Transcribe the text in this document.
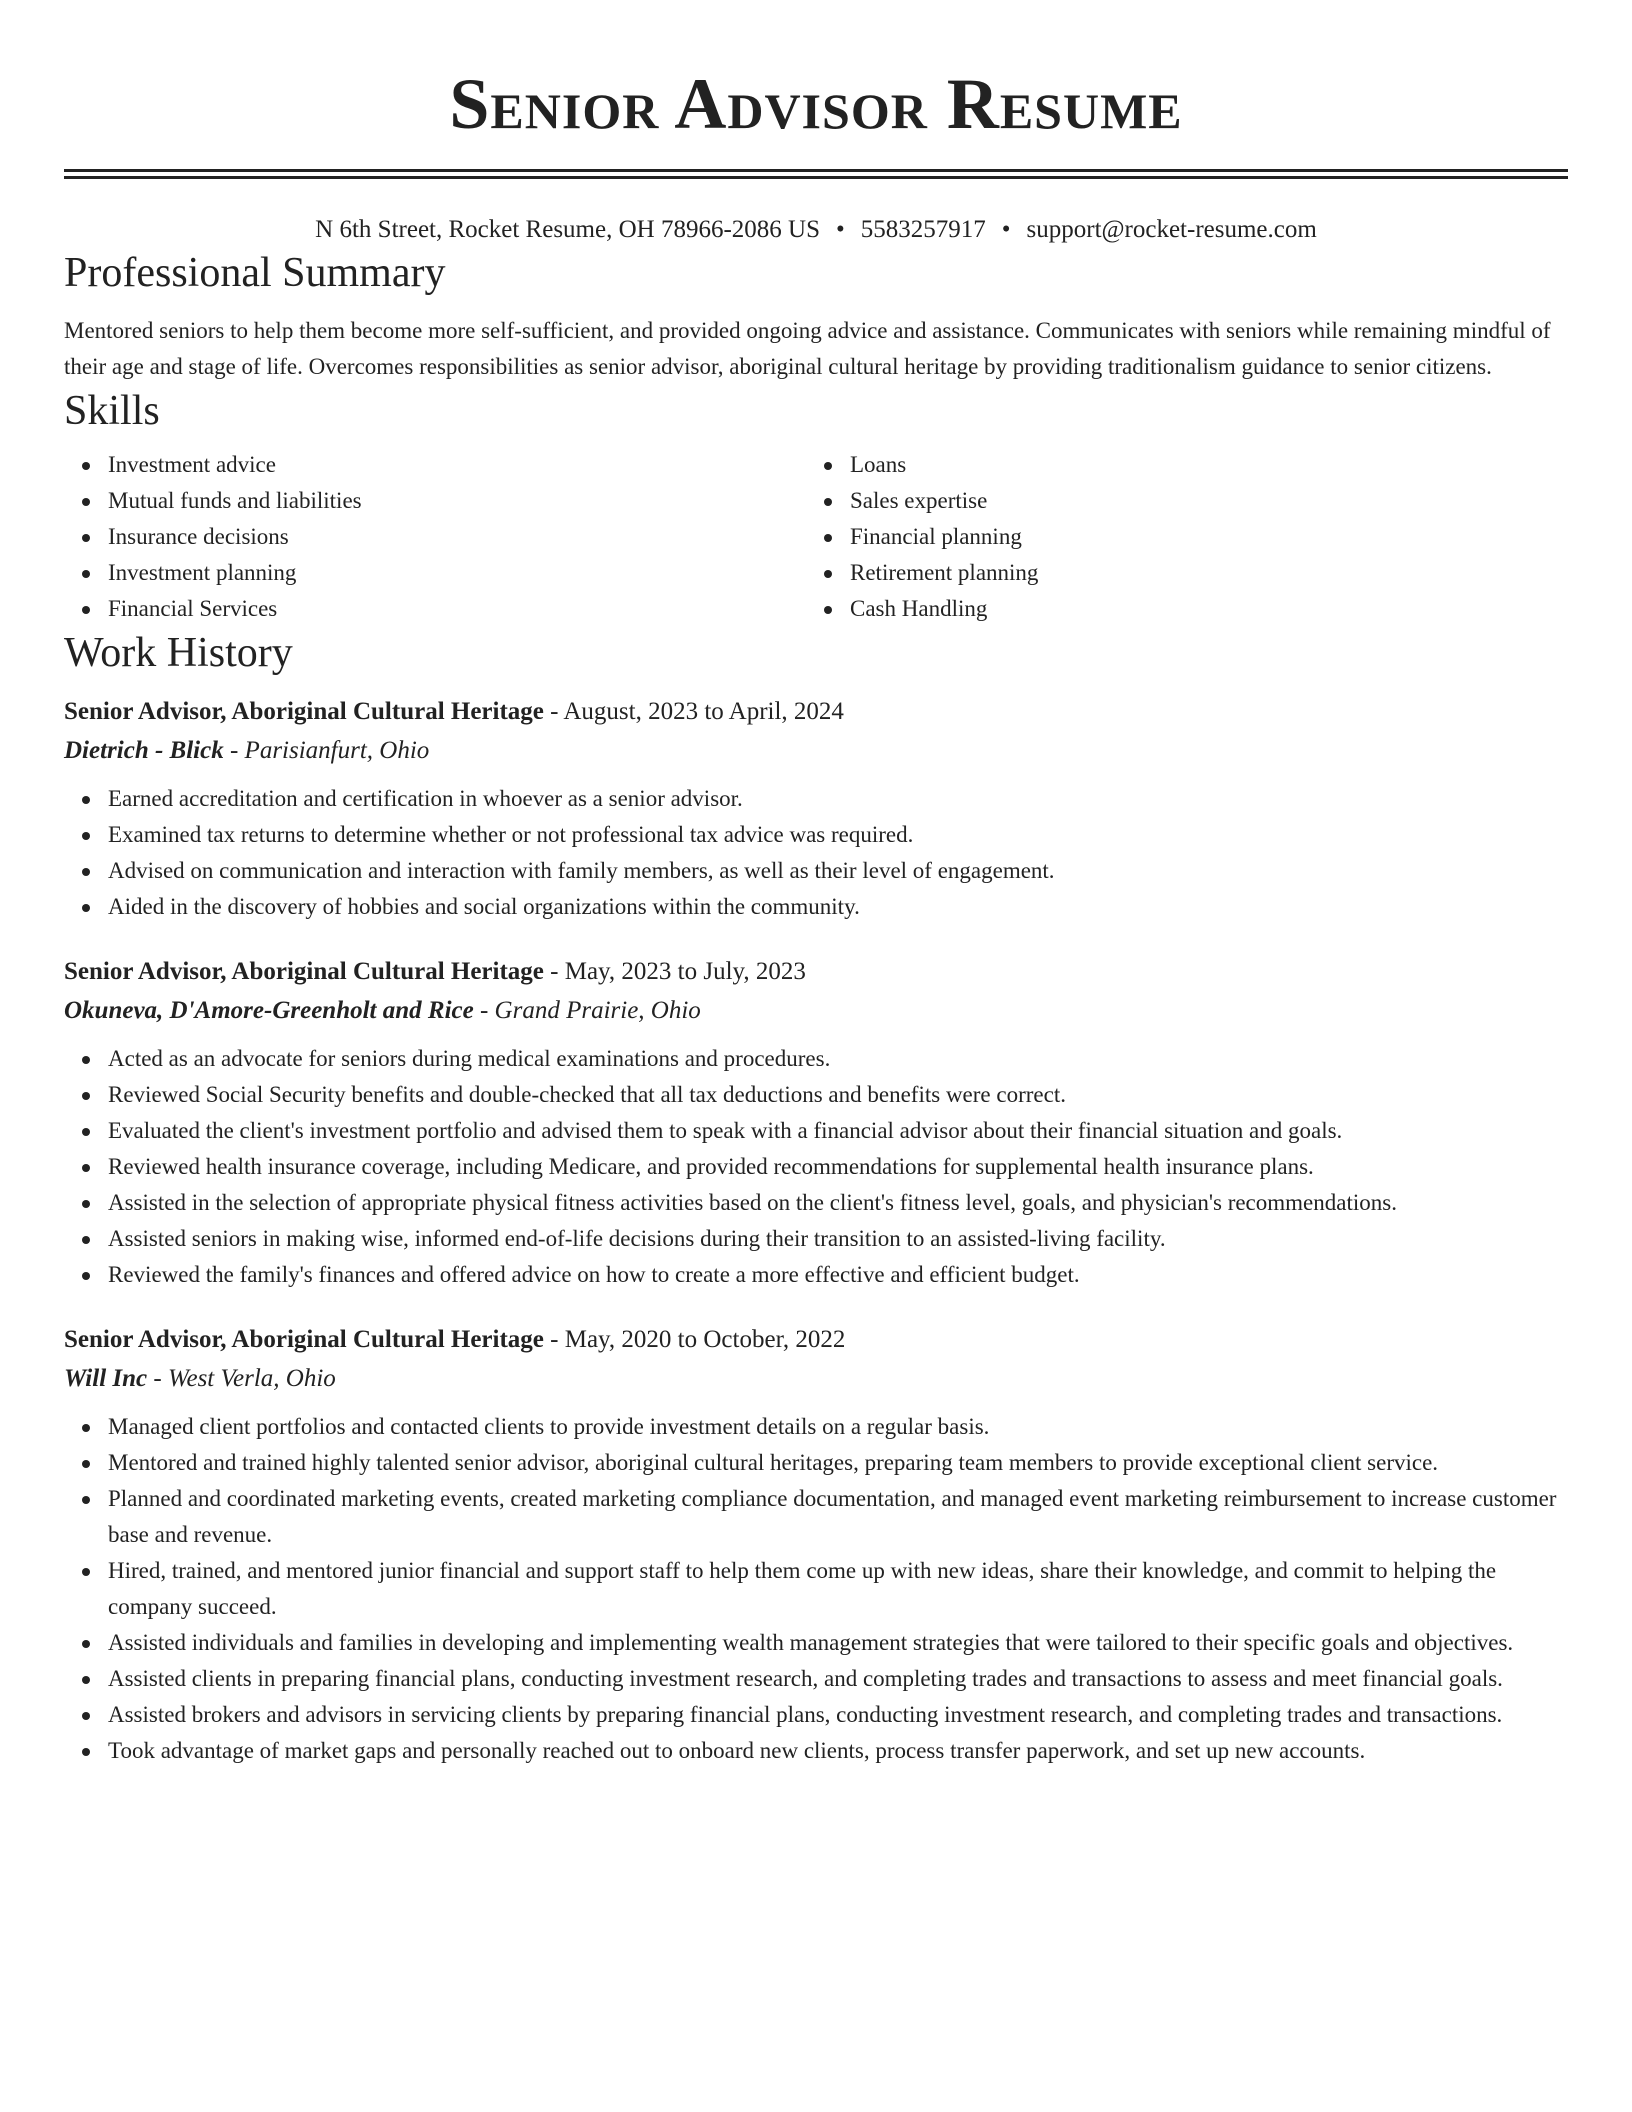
Senior Advisor Resume
N 6th Street, Rocket Resume, OH 78966-2086 US • 5583257917 • support@rocket-resume.com
Professional Summary

Mentored seniors to help them become more self-sufficient, and provided ongoing advice and assistance. Communicates with seniors while remaining mindful of their age and stage of life. Overcomes responsibilities as senior advisor, aboriginal cultural heritage by providing traditionalism guidance to senior citizens.

Skills
Investment advice
Mutual funds and liabilities
Insurance decisions
Investment planning
Financial Services
Loans
Sales expertise
Financial planning
Retirement planning
Cash Handling
Work History
Senior Advisor, Aboriginal Cultural Heritage - August, 2023 to April, 2024
Dietrich - Blick - Parisianfurt, Ohio
Earned accreditation and certification in whoever as a senior advisor.
Examined tax returns to determine whether or not professional tax advice was required.
Advised on communication and interaction with family members, as well as their level of engagement.
Aided in the discovery of hobbies and social organizations within the community.
Senior Advisor, Aboriginal Cultural Heritage - May, 2023 to July, 2023
Okuneva, D'Amore-Greenholt and Rice - Grand Prairie, Ohio
Acted as an advocate for seniors during medical examinations and procedures.
Reviewed Social Security benefits and double-checked that all tax deductions and benefits were correct.
Evaluated the client's investment portfolio and advised them to speak with a financial advisor about their financial situation and goals.
Reviewed health insurance coverage, including Medicare, and provided recommendations for supplemental health insurance plans.
Assisted in the selection of appropriate physical fitness activities based on the client's fitness level, goals, and physician's recommendations.
Assisted seniors in making wise, informed end-of-life decisions during their transition to an assisted-living facility.
Reviewed the family's finances and offered advice on how to create a more effective and efficient budget.
Senior Advisor, Aboriginal Cultural Heritage - May, 2020 to October, 2022
Will Inc - West Verla, Ohio
Managed client portfolios and contacted clients to provide investment details on a regular basis.
Mentored and trained highly talented senior advisor, aboriginal cultural heritages, preparing team members to provide exceptional client service.
Planned and coordinated marketing events, created marketing compliance documentation, and managed event marketing reimbursement to increase customer base and revenue.
Hired, trained, and mentored junior financial and support staff to help them come up with new ideas, share their knowledge, and commit to helping the company succeed.
Assisted individuals and families in developing and implementing wealth management strategies that were tailored to their specific goals and objectives.
Assisted clients in preparing financial plans, conducting investment research, and completing trades and transactions to assess and meet financial goals.
Assisted brokers and advisors in servicing clients by preparing financial plans, conducting investment research, and completing trades and transactions.
Took advantage of market gaps and personally reached out to onboard new clients, process transfer paperwork, and set up new accounts.
